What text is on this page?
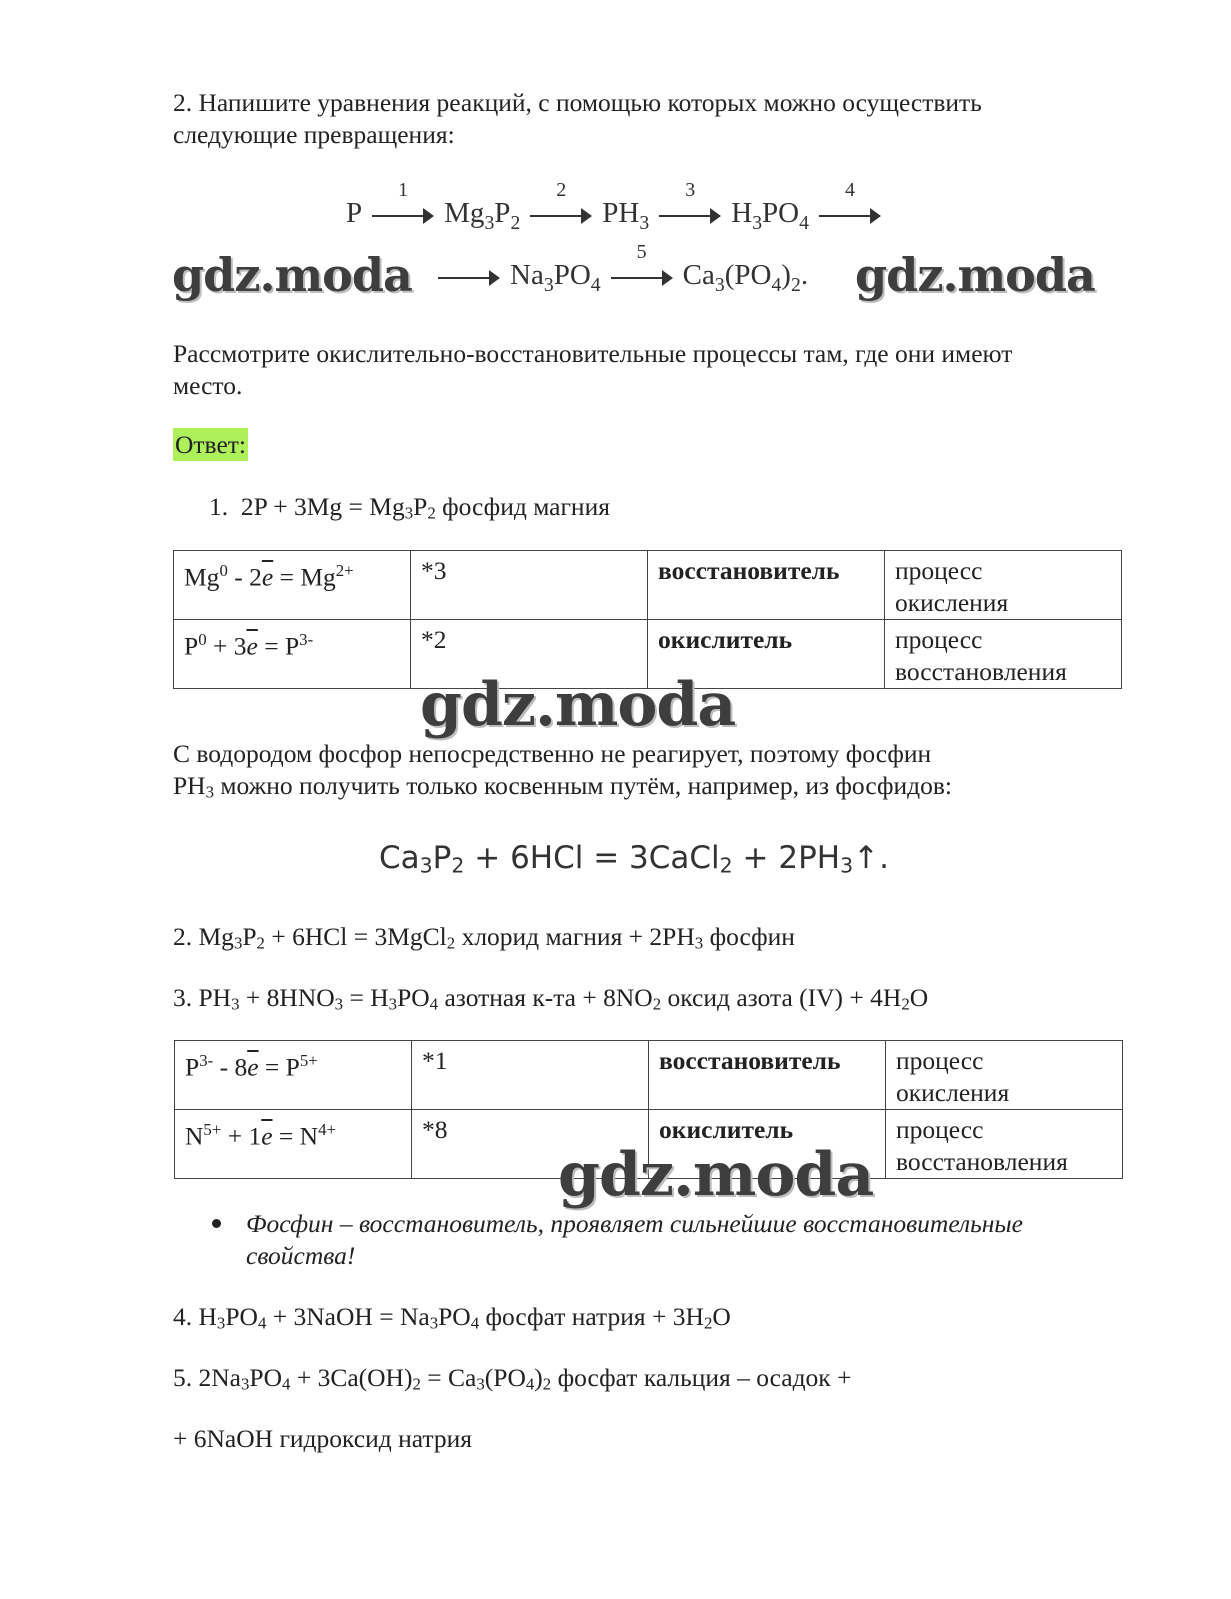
2. Напишите уравнения реакций, с помощью которых можно осуществить
следующие превращения:
P
1
$Mg_3P_2$
2
$PH_3$
3
$H_3PO_4$
4
gdz.moda	$Na_3PO_4$
5
$Ca_3(PO_4)_2$. gdz.moda
Рассмотрите окислительно-восстановительные процессы там, где они имеют
место.
Ответ:
1.  $2P + 3Mg = Mg_3P_2$ фосфид магния
$Mg^0 - 2\overline{e} = Mg^{2+}$	*3	восстановитель	процесс
окисления
$P^0 + 3\overline{e} = P^{3-}$	*2	окислитель	процесс
восстановления
gdz.moda
С водородом фосфор непосредственно не реагирует, поэтому фосфин
$PH_3$ можно получить только косвенным путём, например, из фосфидов:
$Ca_3P_2 + 6HCl$ = 3CaCl$_2$ + $2PH_3↑$.
2. $Mg_3P_2 + 6HCl$ = 3MgCl$_2$ хлорид магния + $2PH_3$ фосфин
3. $PH_3 + 8HNO_3 = H_3PO_4$ азотная $к-та + 8NO_2$ оксид азота $(IV) + 4H_2O$
$P^{3-} - 8\overline{e} = P^{5+}$	*1	восстановитель	процесс
окисления
$N^{5+} + 1\overline{e} = N^{4+}$	*8	окислитель	процесс
восстановления
gdz.moda
Фосфин – восстановитель, проявляет сильнейшие восстановительные
свойства!
4. $H_3PO_4$ + 3NaOH = $Na_3PO_4$ фосфат натрия + $3H_2O$
5. $2Na_3PO_4 + 3Ca(OH)_2 = Ca_3(PO_4)_2$ фосфат кальция – осадок +
+ 6NaOH гидроксид натрия
